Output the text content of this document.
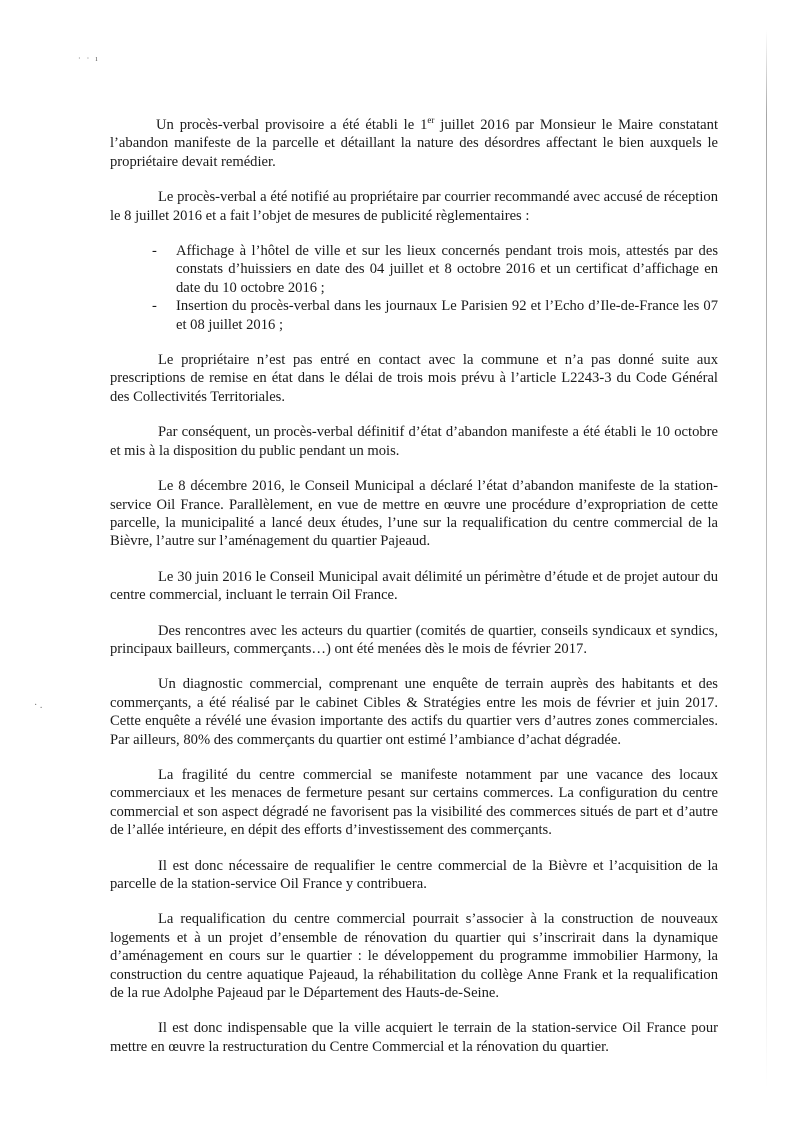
· · ı
· .

Un procès-verbal provisoire a été établi le 1er juillet 2016 par Monsieur le Maire constatant l’abandon manifeste de la parcelle et détaillant la nature des désordres affectant le bien auxquels le propriétaire devait remédier.

Le procès-verbal a été notifié au propriétaire par courrier recommandé avec accusé de réception le 8 juillet 2016 et a fait l’objet de mesures de publicité règlementaires :

- Affichage à l’hôtel de ville et sur les lieux concernés pendant trois mois, attestés par des constats d’huissiers en date des 04 juillet et 8 octobre 2016 et un certificat d’affichage en date du 10 octobre 2016 ;
- Insertion du procès-verbal dans les journaux Le Parisien 92 et l’Echo d’Ile-de-France les 07 et 08 juillet 2016 ;

Le propriétaire n’est pas entré en contact avec la commune et n’a pas donné suite aux prescriptions de remise en état dans le délai de trois mois prévu à l’article L2243-3 du Code Général des Collectivités Territoriales.

Par conséquent, un procès-verbal définitif d’état d’abandon manifeste a été établi le 10 octobre et mis à la disposition du public pendant un mois.

Le 8 décembre 2016, le Conseil Municipal a déclaré l’état d’abandon manifeste de la station-service Oil France. Parallèlement, en vue de mettre en œuvre une procédure d’expropriation de cette parcelle, la municipalité a lancé deux études, l’une sur la requalification du centre commercial de la Bièvre, l’autre sur l’aménagement du quartier Pajeaud.

Le 30 juin 2016 le Conseil Municipal avait délimité un périmètre d’étude et de projet autour du centre commercial, incluant le terrain Oil France.

Des rencontres avec les acteurs du quartier (comités de quartier, conseils syndicaux et syndics, principaux bailleurs, commerçants…) ont été menées dès le mois de février 2017.

Un diagnostic commercial, comprenant une enquête de terrain auprès des habitants et des commerçants, a été réalisé par le cabinet Cibles & Stratégies entre les mois de février et juin 2017. Cette enquête a révélé une évasion importante des actifs du quartier vers d’autres zones commerciales. Par ailleurs, 80% des commerçants du quartier ont estimé l’ambiance d’achat dégradée.

La fragilité du centre commercial se manifeste notamment par une vacance des locaux commerciaux et les menaces de fermeture pesant sur certains commerces. La configuration du centre commercial et son aspect dégradé ne favorisent pas la visibilité des commerces situés de part et d’autre de l’allée intérieure, en dépit des efforts d’investissement des commerçants.

Il est donc nécessaire de requalifier le centre commercial de la Bièvre et l’acquisition de la parcelle de la station-service Oil France y contribuera.

La requalification du centre commercial pourrait s’associer à la construction de nouveaux logements et à un projet d’ensemble de rénovation du quartier qui s’inscrirait dans la dynamique d’aménagement en cours sur le quartier : le développement du programme immobilier Harmony, la construction du centre aquatique Pajeaud, la réhabilitation du collège Anne Frank et la requalification de la rue Adolphe Pajeaud par le Département des Hauts-de-Seine.

Il est donc indispensable que la ville acquiert le terrain de la station-service Oil France pour mettre en œuvre la restructuration du Centre Commercial et la rénovation du quartier.
